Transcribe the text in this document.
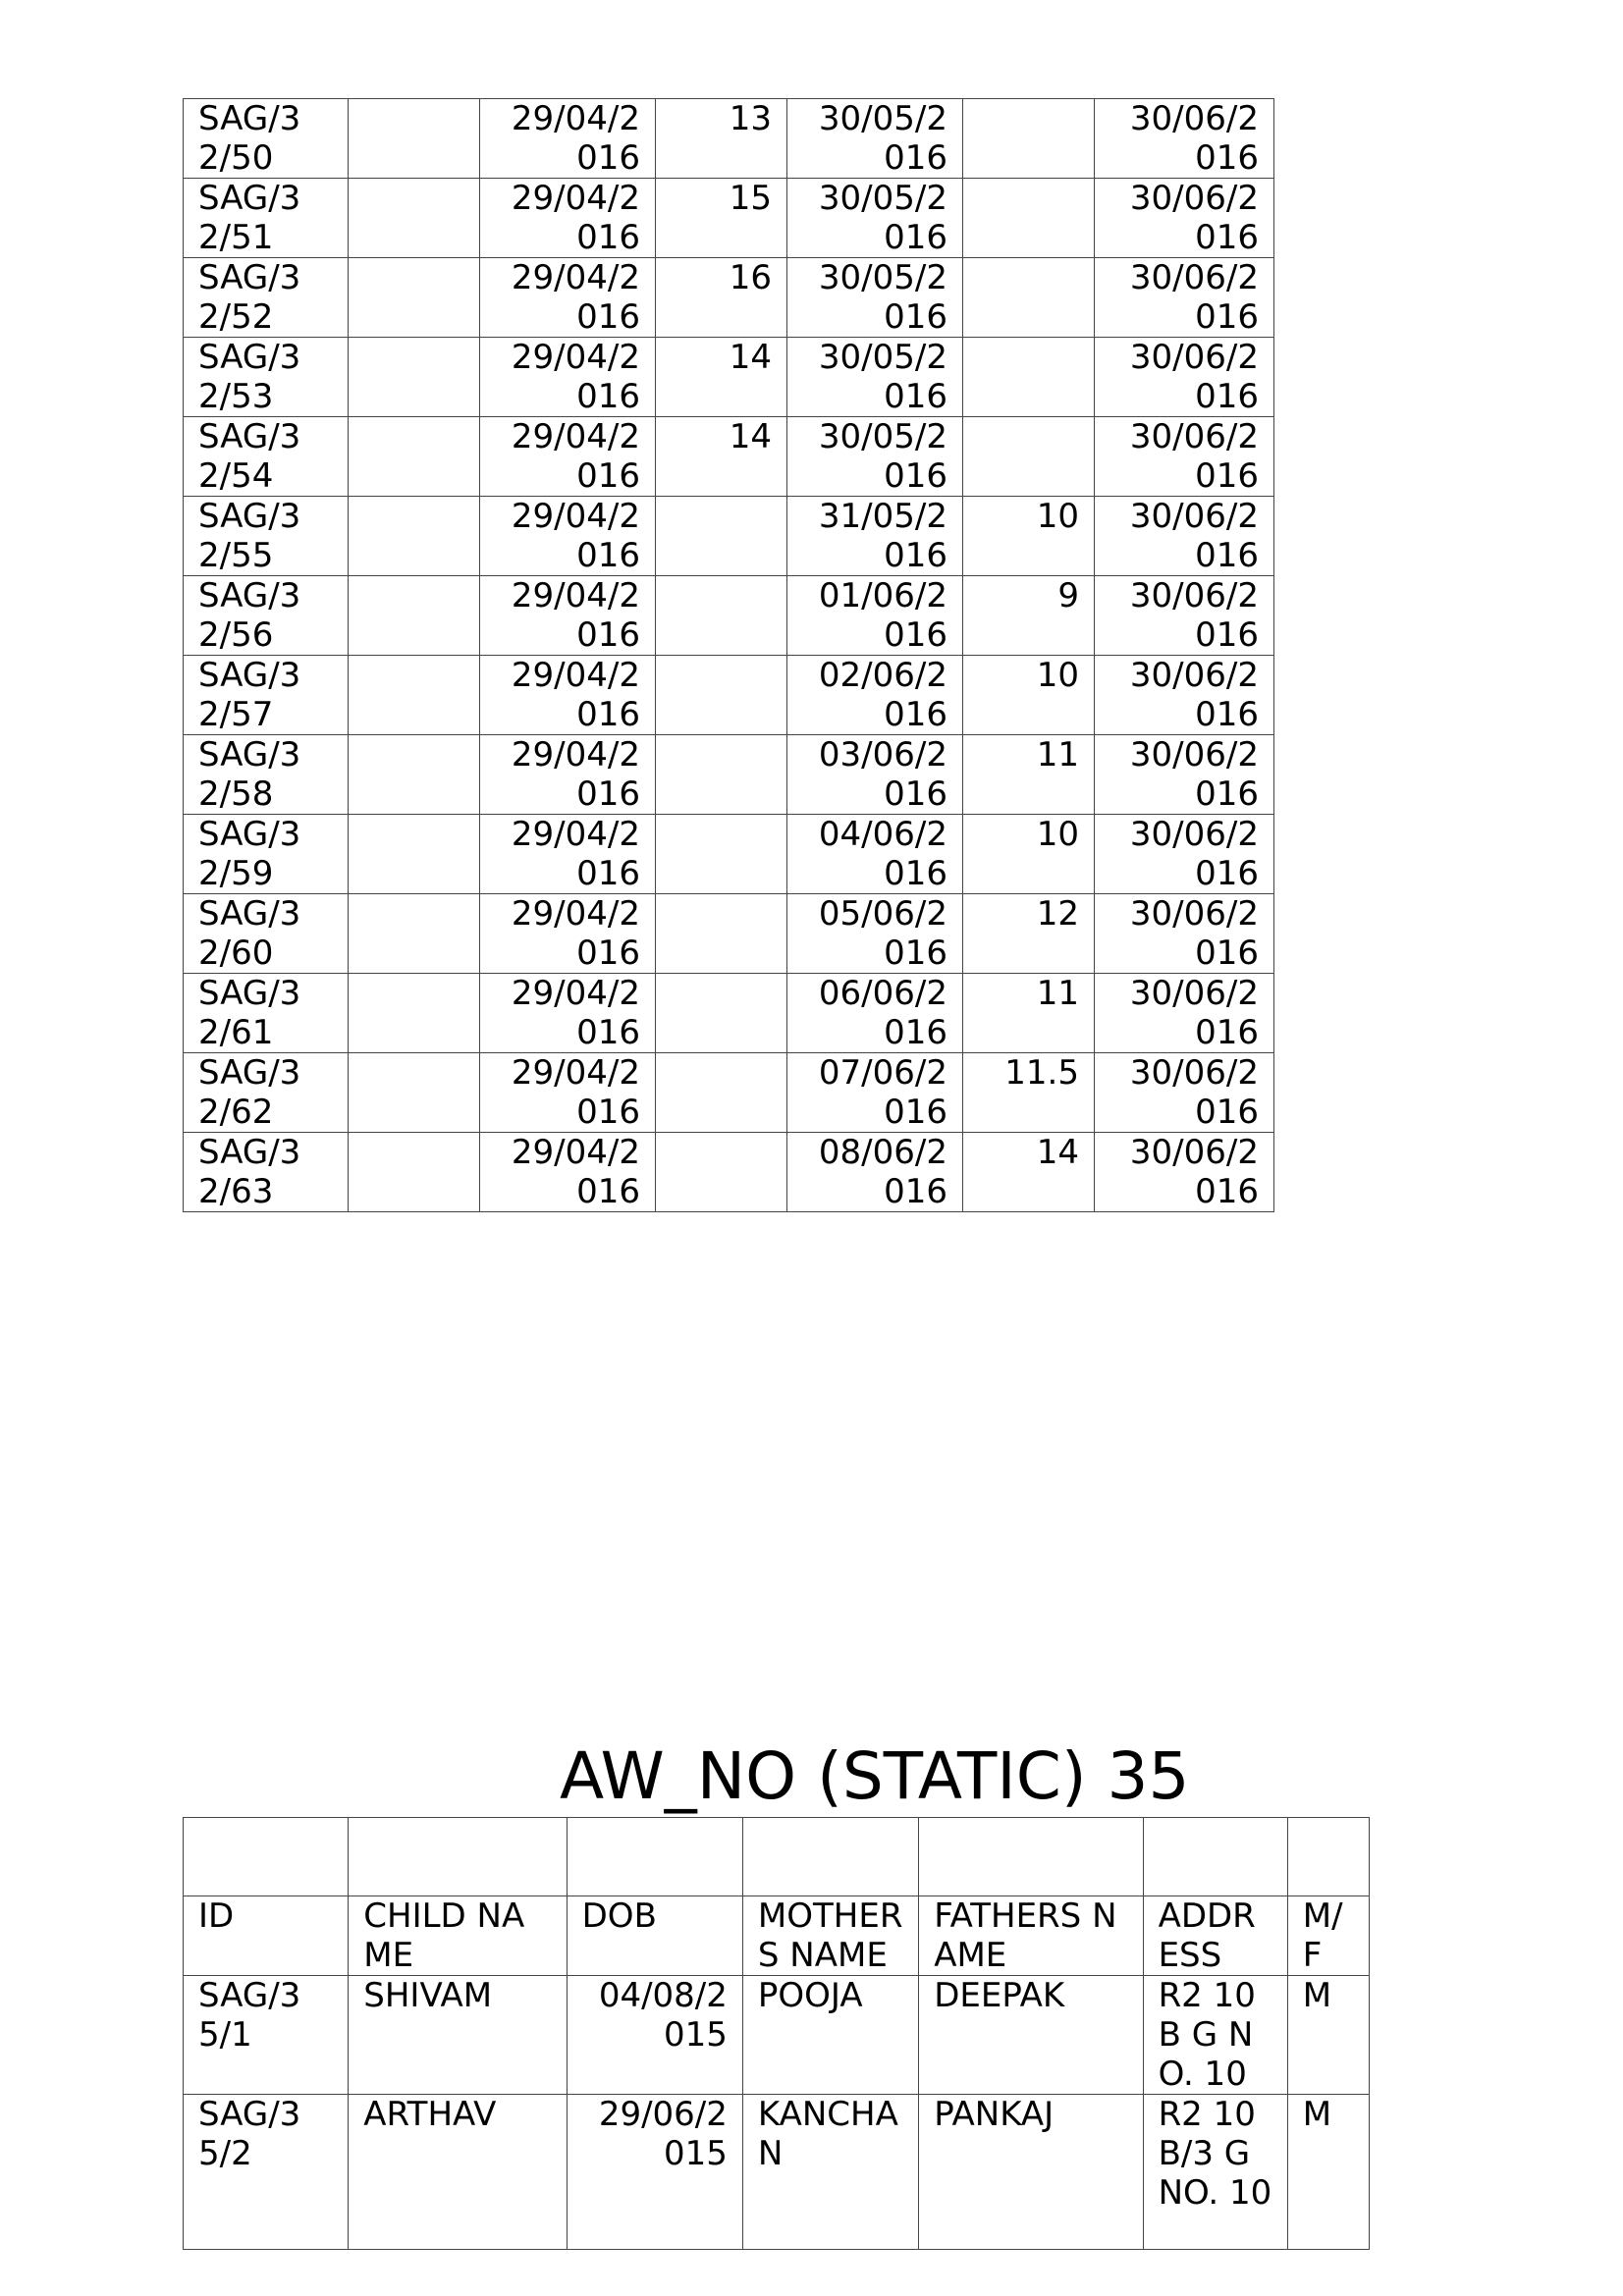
SAG/32/50		29/04/2016	13	30/05/2016		30/06/2016
SAG/32/51		29/04/2016	15	30/05/2016		30/06/2016
SAG/32/52		29/04/2016	16	30/05/2016		30/06/2016
SAG/32/53		29/04/2016	14	30/05/2016		30/06/2016
SAG/32/54		29/04/2016	14	30/05/2016		30/06/2016
SAG/32/55		29/04/2016		31/05/2016	10	30/06/2016
SAG/32/56		29/04/2016		01/06/2016	9	30/06/2016
SAG/32/57		29/04/2016		02/06/2016	10	30/06/2016
SAG/32/58		29/04/2016		03/06/2016	11	30/06/2016
SAG/32/59		29/04/2016		04/06/2016	10	30/06/2016
SAG/32/60		29/04/2016		05/06/2016	12	30/06/2016
SAG/32/61		29/04/2016		06/06/2016	11	30/06/2016
SAG/32/62		29/04/2016		07/06/2016	11.5	30/06/2016
SAG/32/63		29/04/2016		08/06/2016	14	30/06/2016
AW_NO (STATIC) 35

ID	CHILD NAME	DOB	MOTHERS NAME	FATHERS NAME	ADDRESS	M/F
SAG/35/1	SHIVAM	04/08/2015	POOJA	DEEPAK	R2 10B G NO. 10	M
SAG/35/2	ARTHAV	29/06/2015	KANCHAN	PANKAJ	R2 10B/3 G NO. 10	M
